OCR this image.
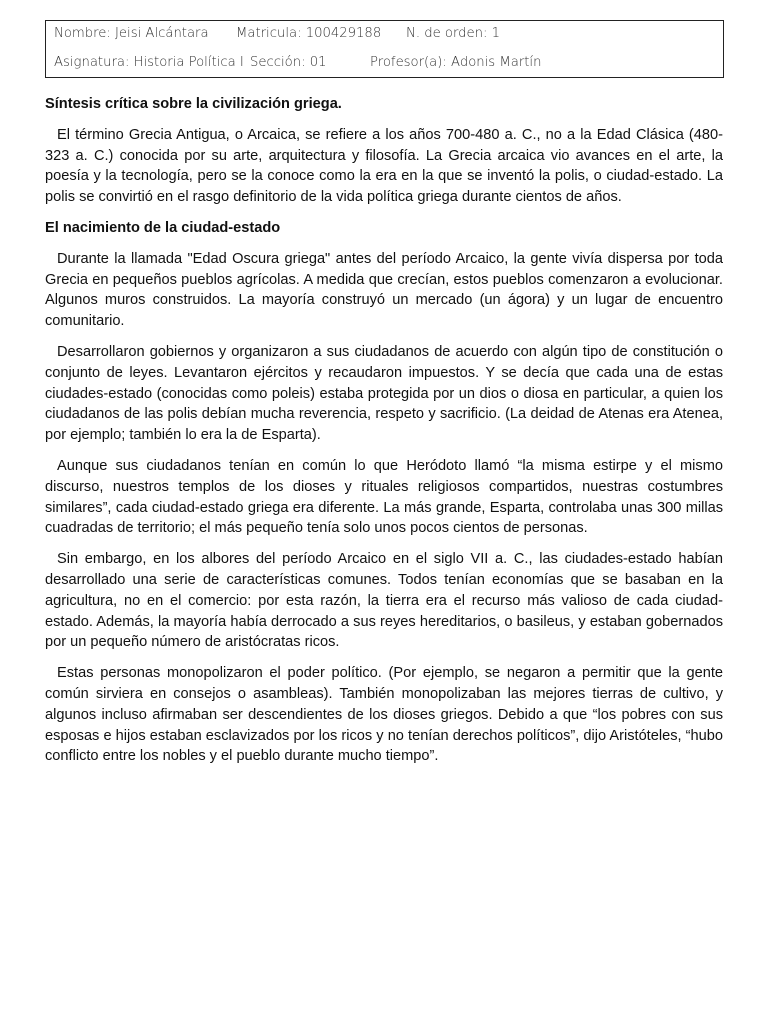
Nombre: Jeisi Alcántara Matricula: 100429188 N. de orden: 1
Asignatura: Historia Política I Sección: 01	Profesor(a): Adonis Martín
Síntesis crítica sobre la civilización griega.

El término Grecia Antigua, o Arcaica, se refiere a los años 700-480 a. C., no a la Edad Clásica (480-323 a. C.) conocida por su arte, arquitectura y filosofía. La Grecia arcaica vio avances en el arte, la poesía y la tecnología, pero se la conoce como la era en la que se inventó la polis, o ciudad-estado. La polis se convirtió en el rasgo definitorio de la vida política griega durante cientos de años.

El nacimiento de la ciudad-estado

Durante la llamada "Edad Oscura griega" antes del período Arcaico, la gente vivía dispersa por toda Grecia en pequeños pueblos agrícolas. A medida que crecían, estos pueblos comenzaron a evolucionar. Algunos muros construidos. La mayoría construyó un mercado (un ágora) y un lugar de encuentro comunitario.

Desarrollaron gobiernos y organizaron a sus ciudadanos de acuerdo con algún tipo de constitución o conjunto de leyes. Levantaron ejércitos y recaudaron impuestos. Y se decía que cada una de estas ciudades-estado (conocidas como poleis) estaba protegida por un dios o diosa en particular, a quien los ciudadanos de las polis debían mucha reverencia, respeto y sacrificio. (La deidad de Atenas era Atenea, por ejemplo; también lo era la de Esparta).

Aunque sus ciudadanos tenían en común lo que Heródoto llamó “la misma estirpe y el mismo discurso, nuestros templos de los dioses y rituales religiosos compartidos, nuestras costumbres similares”, cada ciudad-estado griega era diferente. La más grande, Esparta, controlaba unas 300 millas cuadradas de territorio; el más pequeño tenía solo unos pocos cientos de personas.

Sin embargo, en los albores del período Arcaico en el siglo VII a. C., las ciudades-estado habían desarrollado una serie de características comunes. Todos tenían economías que se basaban en la agricultura, no en el comercio: por esta razón, la tierra era el recurso más valioso de cada ciudad-estado. Además, la mayoría había derrocado a sus reyes hereditarios, o basileus, y estaban gobernados por un pequeño número de aristócratas ricos.

Estas personas monopolizaron el poder político. (Por ejemplo, se negaron a permitir que la gente común sirviera en consejos o asambleas). También monopolizaban las mejores tierras de cultivo, y algunos incluso afirmaban ser descendientes de los dioses griegos. Debido a que “los pobres con sus esposas e hijos estaban esclavizados por los ricos y no tenían derechos políticos”, dijo Aristóteles, “hubo conflicto entre los nobles y el pueblo durante mucho tiempo”.
